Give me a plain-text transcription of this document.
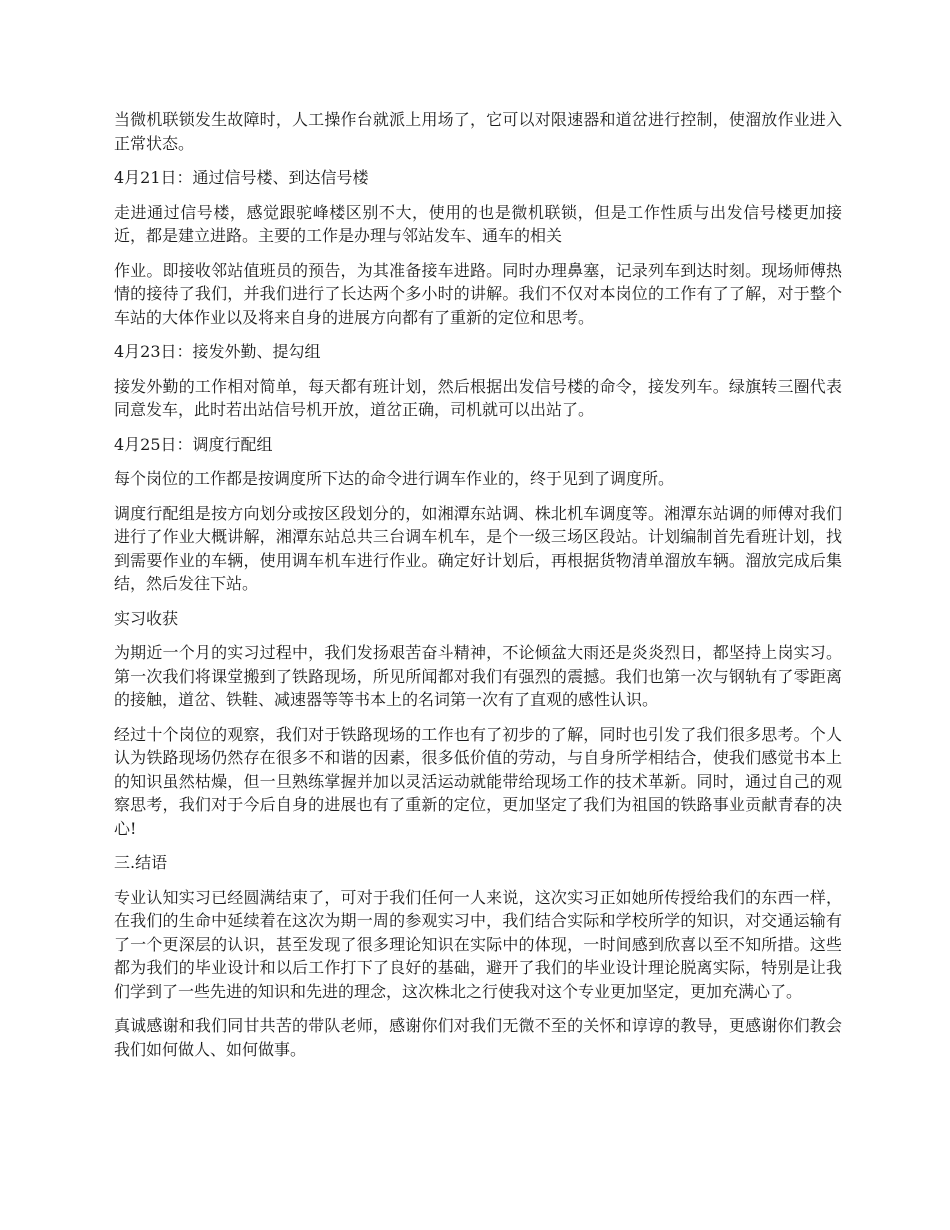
当微机联锁发生故障时，人工操作台就派上用场了，它可以对限速器和道岔进行控制，使溜放作业进入正常状态。

4月21日：通过信号楼、到达信号楼

走进通过信号楼，感觉跟驼峰楼区别不大，使用的也是微机联锁，但是工作性质与出发信号楼更加接近，都是建立进路。主要的工作是办理与邻站发车、通车的相关

作业。即接收邻站值班员的预告，为其准备接车进路。同时办理鼻塞，记录列车到达时刻。现场师傅热情的接待了我们，并我们进行了长达两个多小时的讲解。我们不仅对本岗位的工作有了了解，对于整个车站的大体作业以及将来自身的进展方向都有了重新的定位和思考。

4月23日：接发外勤、提勾组

接发外勤的工作相对简单，每天都有班计划，然后根据出发信号楼的命令，接发列车。绿旗转三圈代表同意发车，此时若出站信号机开放，道岔正确，司机就可以出站了。

4月25日：调度行配组

每个岗位的工作都是按调度所下达的命令进行调车作业的，终于见到了调度所。

调度行配组是按方向划分或按区段划分的，如湘潭东站调、株北机车调度等。湘潭东站调的师傅对我们进行了作业大概讲解，湘潭东站总共三台调车机车，是个一级三场区段站。计划编制首先看班计划，找到需要作业的车辆，使用调车机车进行作业。确定好计划后，再根据货物清单溜放车辆。溜放完成后集结，然后发往下站。

实习收获

为期近一个月的实习过程中，我们发扬艰苦奋斗精神，不论倾盆大雨还是炎炎烈日，都坚持上岗实习。第一次我们将课堂搬到了铁路现场，所见所闻都对我们有强烈的震撼。我们也第一次与钢轨有了零距离的接触，道岔、铁鞋、减速器等等书本上的名词第一次有了直观的感性认识。

经过十个岗位的观察，我们对于铁路现场的工作也有了初步的了解，同时也引发了我们很多思考。个人认为铁路现场仍然存在很多不和谐的因素，很多低价值的劳动，与自身所学相结合，使我们感觉书本上的知识虽然枯燥，但一旦熟练掌握并加以灵活运动就能带给现场工作的技术革新。同时，通过自己的观察思考，我们对于今后自身的进展也有了重新的定位，更加坚定了我们为祖国的铁路事业贡献青春的决心!

三.结语

专业认知实习已经圆满结束了，可对于我们任何一人来说，这次实习正如她所传授给我们的东西一样，在我们的生命中延续着在这次为期一周的参观实习中，我们结合实际和学校所学的知识，对交通运输有了一个更深层的认识，甚至发现了很多理论知识在实际中的体现，一时间感到欣喜以至不知所措。这些都为我们的毕业设计和以后工作打下了良好的基础，避开了我们的毕业设计理论脱离实际，特别是让我们学到了一些先进的知识和先进的理念，这次株北之行使我对这个专业更加坚定，更加充满心了。

真诚感谢和我们同甘共苦的带队老师，感谢你们对我们无微不至的关怀和谆谆的教导，更感谢你们教会我们如何做人、如何做事。
